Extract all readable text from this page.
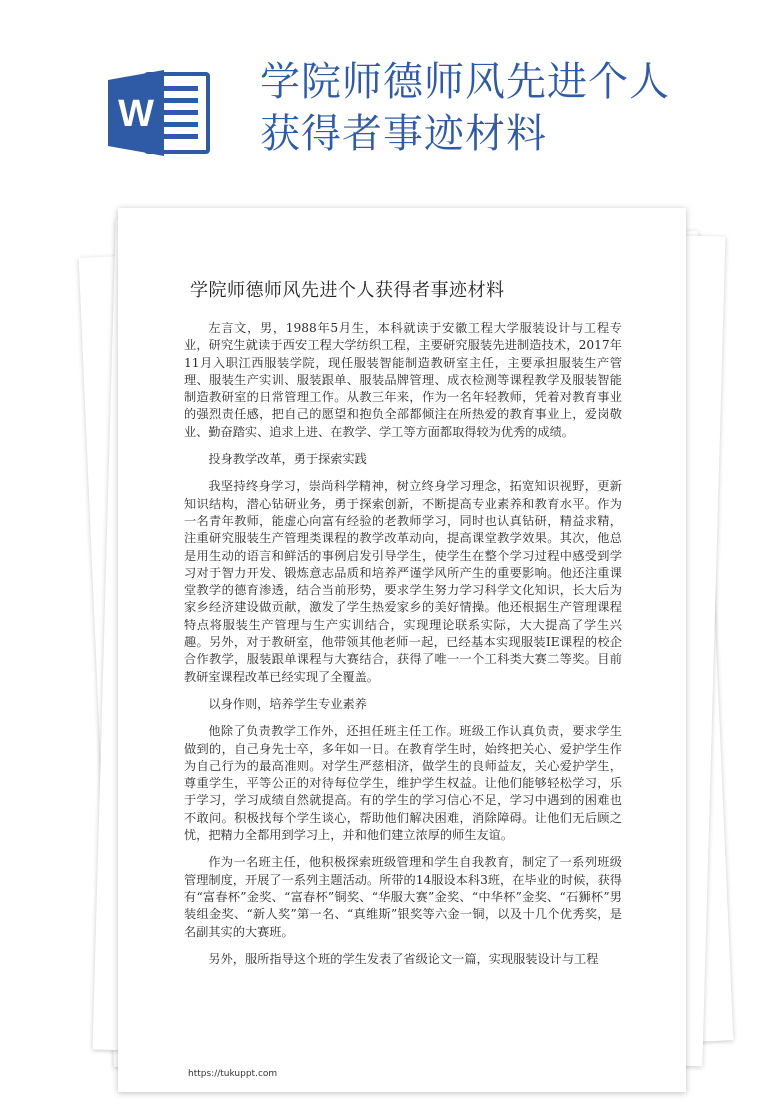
W
学院师德师风先进个人
获得者事迹材料
学院师德师风先进个人获得者事迹材料

左言文，男，1988年5月生，本科就读于安徽工程大学服装设计与工程专业，研究生就读于西安工程大学纺织工程，主要研究服装先进制造技术，2017年11月入职江西服装学院，现任服装智能制造教研室主任，主要承担服装生产管理、服装生产实训、服装跟单、服装品牌管理、成衣检测等课程教学及服装智能制造教研室的日常管理工作。从教三年来，作为一名年轻教师，凭着对教育事业的强烈责任感，把自己的愿望和抱负全部都倾注在所热爱的教育事业上，爱岗敬业、勤奋踏实、追求上进、在教学、学工等方面都取得较为优秀的成绩。

投身教学改革，勇于探索实践

我坚持终身学习，崇尚科学精神，树立终身学习理念，拓宽知识视野，更新知识结构，潜心钻研业务，勇于探索创新，不断提高专业素养和教育水平。作为一名青年教师，能虚心向富有经验的老教师学习，同时也认真钻研，精益求精，注重研究服装生产管理类课程的教学改革动向，提高课堂教学效果。其次，他总是用生动的语言和鲜活的事例启发引导学生，使学生在整个学习过程中感受到学习对于智力开发、锻炼意志品质和培养严谨学风所产生的重要影响。他还注重课堂教学的德育渗透，结合当前形势，要求学生努力学习科学文化知识，长大后为家乡经济建设做贡献，激发了学生热爱家乡的美好情操。他还根据生产管理课程特点将服装生产管理与生产实训结合，实现理论联系实际，大大提高了学生兴趣。另外，对于教研室，他带领其他老师一起，已经基本实现服装IE课程的校企合作教学，服装跟单课程与大赛结合，获得了唯一一个工科类大赛二等奖。目前教研室课程改革已经实现了全覆盖。

以身作则，培养学生专业素养

他除了负责教学工作外，还担任班主任工作。班级工作认真负责，要求学生做到的，自己身先士卒，多年如一日。在教育学生时，始终把关心、爱护学生作为自己行为的最高准则。对学生严慈相济，做学生的良师益友，关心爱护学生，尊重学生，平等公正的对待每位学生，维护学生权益。让他们能够轻松学习，乐于学习，学习成绩自然就提高。有的学生的学习信心不足，学习中遇到的困难也不敢问。积极找每个学生谈心，帮助他们解决困难，消除障碍。让他们无后顾之忧，把精力全都用到学习上，并和他们建立浓厚的师生友谊。

作为一名班主任，他积极探索班级管理和学生自我教育，制定了一系列班级管理制度，开展了一系列主题活动。所带的14服设本科3班，在毕业的时候，获得有“富春杯”金奖、“富春杯”铜奖、“华服大赛”金奖、“中华杯”金奖、“石狮杯”男装组金奖、“新人奖”第一名、“真维斯”银奖等六金一铜，以及十几个优秀奖，是名副其实的大赛班。

另外，服所指导这个班的学生发表了省级论文一篇，实现服装设计与工程

https://tukuppt.com
